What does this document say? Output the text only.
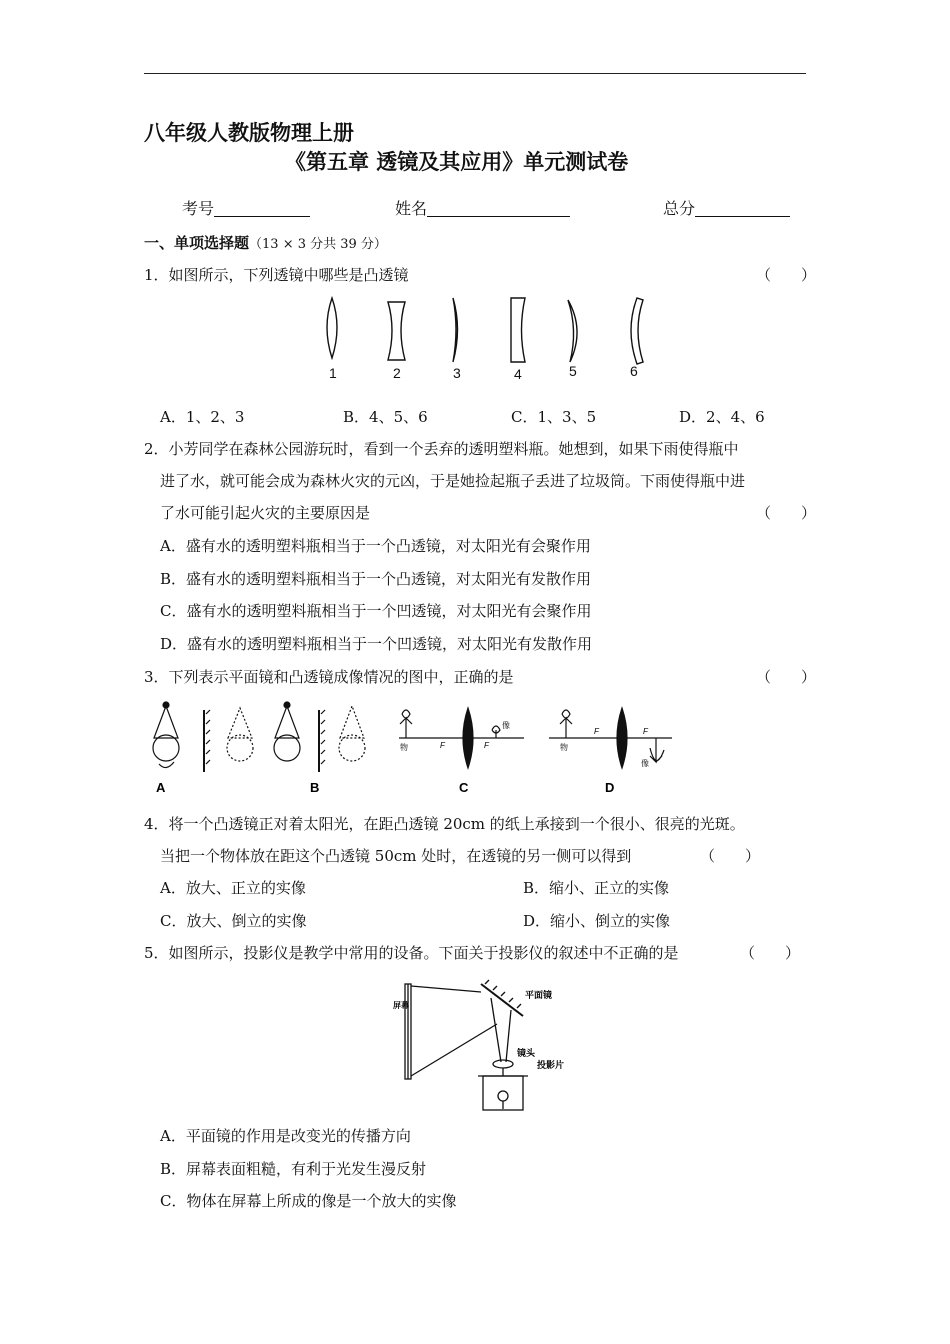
八年级人教版物理上册
《第五章 透镜及其应用》单元测试卷
考号	姓名	总分
一、单项选择题（13 × 3 分共 39 分）
1．如图所示，下列透镜中哪些是凸透镜	（　　）
1	2	3	4	5	6
A．1、2、3	B．4、5、6	C．1、3、5	D．2、4、6
2．小芳同学在森林公园游玩时，看到一个丢弃的透明塑料瓶。她想到，如果下雨使得瓶中
进了水，就可能会成为森林火灾的元凶，于是她捡起瓶子丢进了垃圾筒。下雨使得瓶中进
了水可能引起火灾的主要原因是	（　　）
A．盛有水的透明塑料瓶相当于一个凸透镜，对太阳光有会聚作用
B．盛有水的透明塑料瓶相当于一个凸透镜，对太阳光有发散作用
C．盛有水的透明塑料瓶相当于一个凹透镜，对太阳光有会聚作用
D．盛有水的透明塑料瓶相当于一个凹透镜，对太阳光有发散作用
3．下列表示平面镜和凸透镜成像情况的图中，正确的是	（　　）
A	B
物	F	F
像
C
物
F	F
像
D
4．将一个凸透镜正对着太阳光，在距凸透镜 20cm 的纸上承接到一个很小、很亮的光斑。
当把一个物体放在距这个凸透镜 50cm 处时，在透镜的另一侧可以得到	（　　）
A．放大、正立的实像	B．缩小、正立的实像
C．放大、倒立的实像	D．缩小、倒立的实像
5．如图所示，投影仪是教学中常用的设备。下面关于投影仪的叙述中不正确的是	（　　）
屏幕
平面镜
镜头
投影片
A．平面镜的作用是改变光的传播方向
B．屏幕表面粗糙，有利于光发生漫反射
C．物体在屏幕上所成的像是一个放大的实像
